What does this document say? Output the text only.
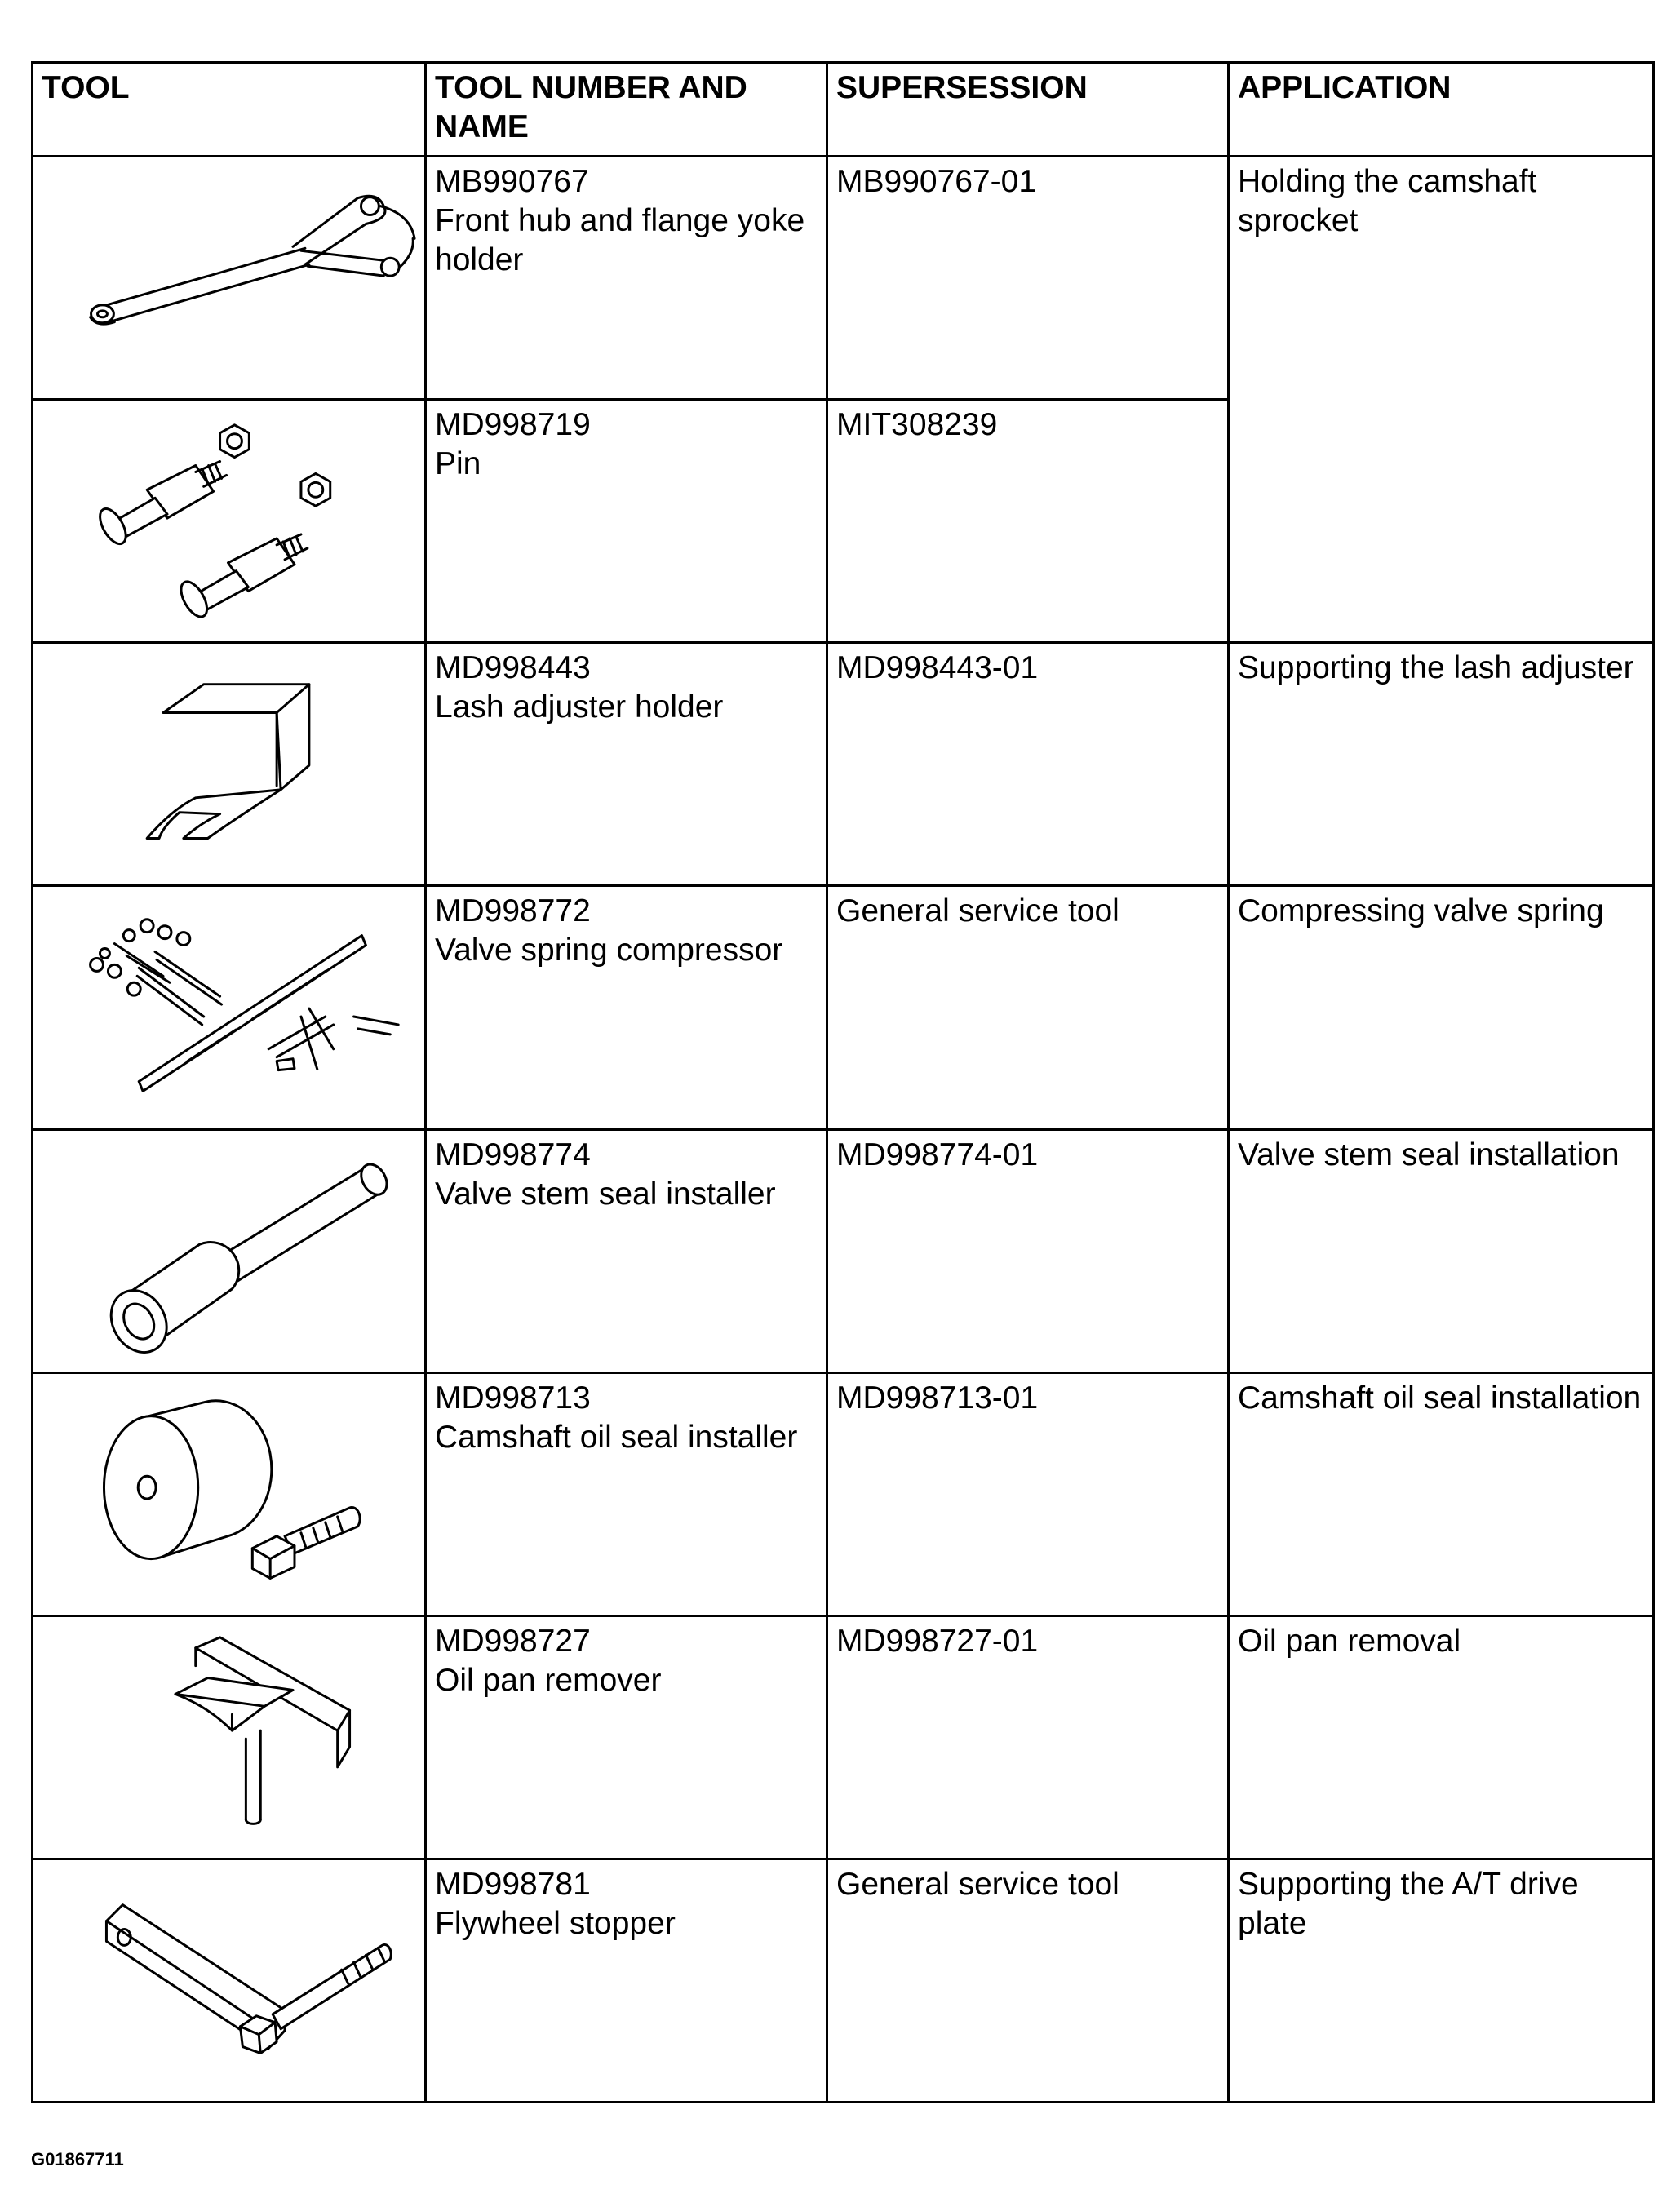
TOOL	TOOL NUMBER AND NAME	SUPERSESSION	APPLICATION

MB990767
Front hub and flange yoke holder	MB990767-01	Holding the camshaft sprocket

MD998719
Pin	MIT308239	

MD998443
Lash adjuster holder	MD998443-01	Supporting the lash adjuster

MD998772
Valve spring compressor	General service tool	Compressing valve spring

MD998774
Valve stem seal installer	MD998774-01	Valve stem seal installation

MD998713
Camshaft oil seal installer	MD998713-01	Camshaft oil seal installation

MD998727
Oil pan remover	MD998727-01	Oil pan removal

MD998781
Flywheel stopper	General service tool	Supporting the A/T drive plate
G01867711
